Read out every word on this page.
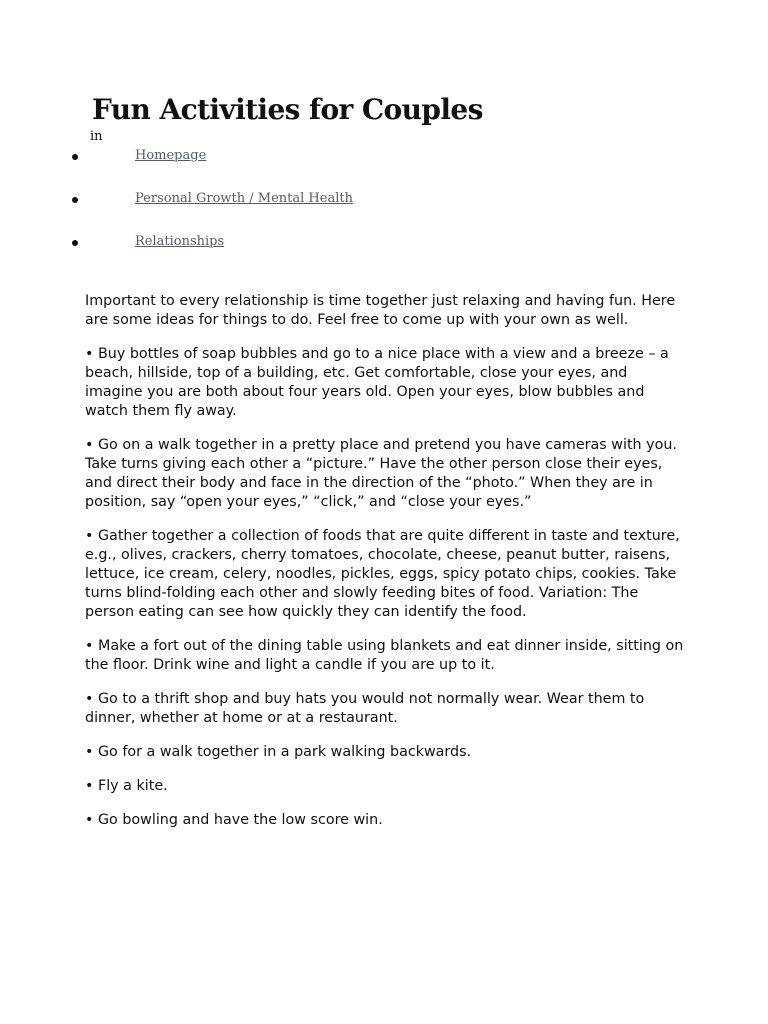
Fun Activities for Couples
in
Homepage
Personal Growth / Mental Health
Relationships

Important to every relationship is time together just relaxing and having fun. Here are some ideas for things to do. Feel free to come up with your own as well.

• Buy bottles of soap bubbles and go to a nice place with a view and a breeze – a beach, hillside, top of a building, etc. Get comfortable, close your eyes, and imagine you are both about four years old. Open your eyes, blow bubbles and watch them fly away.

• Go on a walk together in a pretty place and pretend you have cameras with you. Take turns giving each other a “picture.” Have the other person close their eyes, and direct their body and face in the direction of the “photo.” When they are in position, say “open your eyes,” “click,” and “close your eyes.”

• Gather together a collection of foods that are quite different in taste and texture, e.g., olives, crackers, cherry tomatoes, chocolate, cheese, peanut butter, raisens, lettuce, ice cream, celery, noodles, pickles, eggs, spicy potato chips, cookies. Take turns blind-folding each other and slowly feeding bites of food. Variation: The person eating can see how quickly they can identify the food.

• Make a fort out of the dining table using blankets and eat dinner inside, sitting on the floor. Drink wine and light a candle if you are up to it.

• Go to a thrift shop and buy hats you would not normally wear. Wear them to dinner, whether at home or at a restaurant.

• Go for a walk together in a park walking backwards.

• Fly a kite.

• Go bowling and have the low score win.
